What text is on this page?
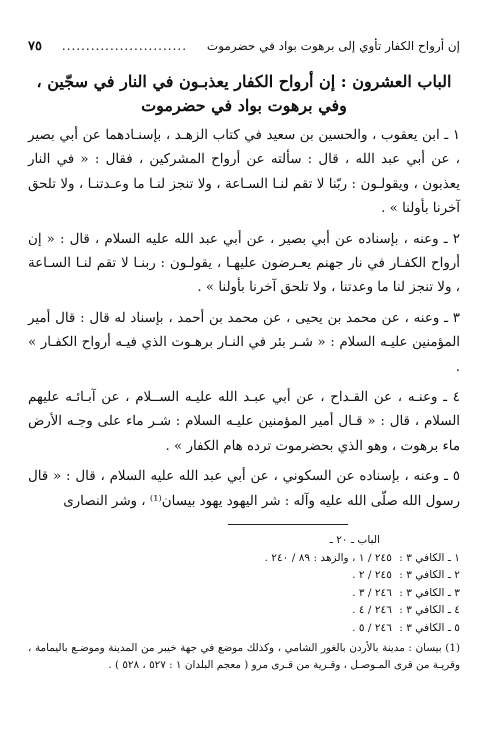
إن أرواح الكفار تأوي إلى برهوت بواد في حضرموت
..........................
٧٥
الباب العشرون : إن أرواح الكفار يعذبـون في النار في سجّين ،
وفي برهوت بواد في حضرموت

١ ـ ابن يعقوب ، والحسين بن سعيد في كتاب الزهـد ، بإسنـادهما عن أبي بصير ، عن أبي عبد الله ، قال : سألته عن أرواح المشركين ، فقال : « في النار يعذبون ، ويقولـون : ربّنا لا تقم لنـا السـاعة ، ولا تنجز لنـا ما وعـدتنـا ، ولا تلحق آخرنا بأولنا » .

٢ ـ وعنه ، بإسناده عن أبي بصير ، عن أبي عبد الله عليه السلام ، قال : « إن أرواح الكفـار في نار جهنم يعـرضون عليهـا ، يقولـون : ربنـا لا تقم لنـا السـاعة ، ولا تنجز لنا ما وعدتنا ، ولا تلحق آخرنا بأولنا » .

٣ ـ وعنه ، عن محمد بن يحيى ، عن محمد بن أحمد ، بإسناد له قال : قال أمير المؤمنين عليـه السلام : « شـر بئر في النـار برهـوت الذي فيـه أرواح الكفـار » .

٤ ـ وعنـه ، عن القـداح ، عن أبي عبـد الله عليـه الســلام ، عن آبـائـه عليهم السلام ، قال : « قـال أمير المؤمنين عليـه السلام : شـر ماء على وجـه الأرض ماء برهوت ، وهو الذي بحضرموت ترده هام الكفار » .

٥ ـ وعنه ، بإسناده عن السكوني ، عن أبي عبد الله عليه السلام ، قال : « قال رسول الله صلّى الله عليه وآله : شر اليهود يهود بيسان⁽¹⁾ ، وشر النصارى

الباب ـ ٢٠ ـ
١ ـ الكافي ٣ : ٢٤٥ / ١ ، والزهد : ٨٩ / ٢٤٠ .
٢ ـ الكافي ٣ : ٢٤٥ / ٢ .
٣ ـ الكافي ٣ : ٢٤٦ / ٣ .
٤ ـ الكافي ٣ : ٢٤٦ / ٤ .
٥ ـ الكافي ٣ : ٢٤٦ / ٥ .
(1) بيسان : مدينة بالأردن بالغور الشامي ، وكذلك موضع في جهة خيبر من المدينة وموضـع باليمامة ، وقريـة من قرى المـوصـل ، وقـرية من قـرى مرو ( معجم البلدان ١ : ٥٢٧ ، ٥٢٨ ) .
